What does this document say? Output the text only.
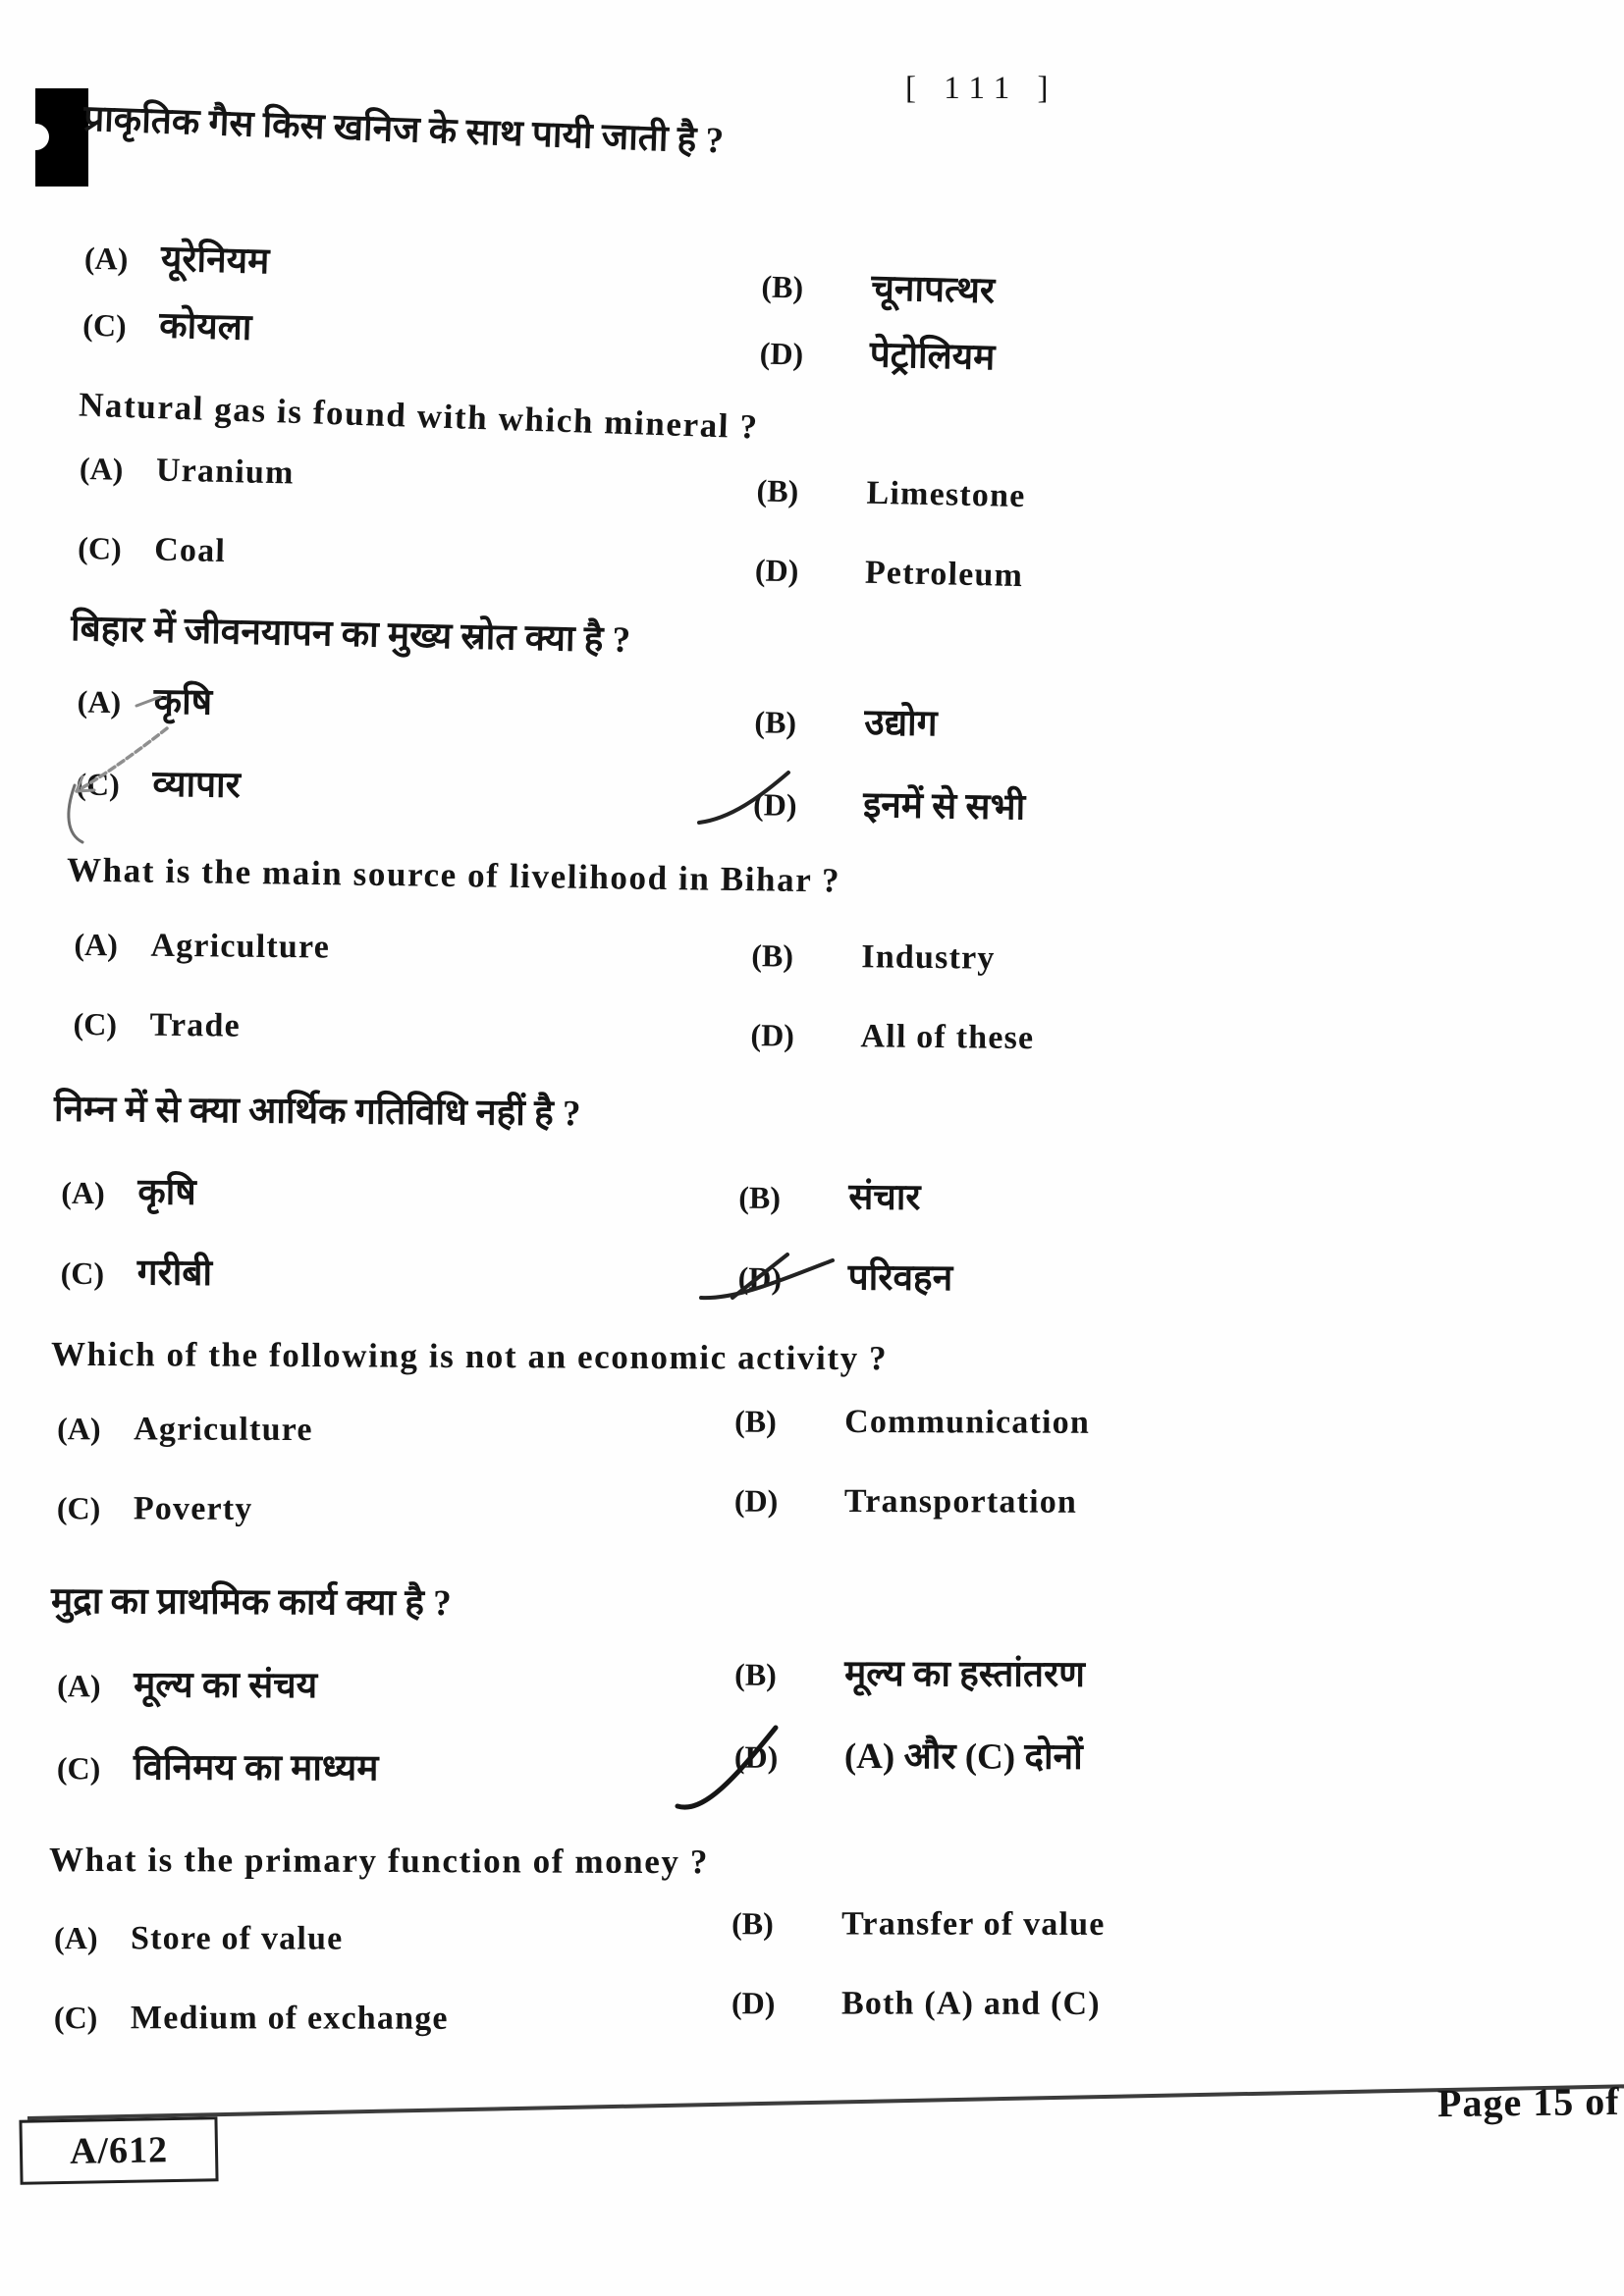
[ 111 ]
प्राकृतिक गैस किस खनिज के साथ पायी जाती है ?
(A) यूरेनियम
(B) चूनापत्थर
(C) कोयला
(D) पेट्रोलियम
Natural gas is found with which mineral ?
(A) Uranium	(B) Limestone
(C) Coal
(D) Petroleum
बिहार में जीवनयापन का मुख्य स्रोत क्या है ?
(A) कृषि	(B) उद्योग
(C) व्यापार	(D) इनमें से सभी
What is the main source of livelihood in Bihar ?
(A) Agriculture	(B) Industry
(C) Trade	(D) All of these
निम्न में से क्या आर्थिक गतिविधि नहीं है ?
(A) कृषि	(B) संचार
(C) गरीबी	(D) परिवहन
Which of the following is not an economic activity ?
(A) Agriculture	(B) Communication
(C) Poverty	(D) Transportation
मुद्रा का प्राथमिक कार्य क्या है ?
(A) मूल्य का संचय	(B) मूल्य का हस्तांतरण
(C) विनिमय का माध्यम	(D) (A) और (C) दोनों
What is the primary function of money ?
(A) Store of value	(B) Transfer of value
(C) Medium of exchange	(D) Both (A) and (C)
A/612
Page 15 of
